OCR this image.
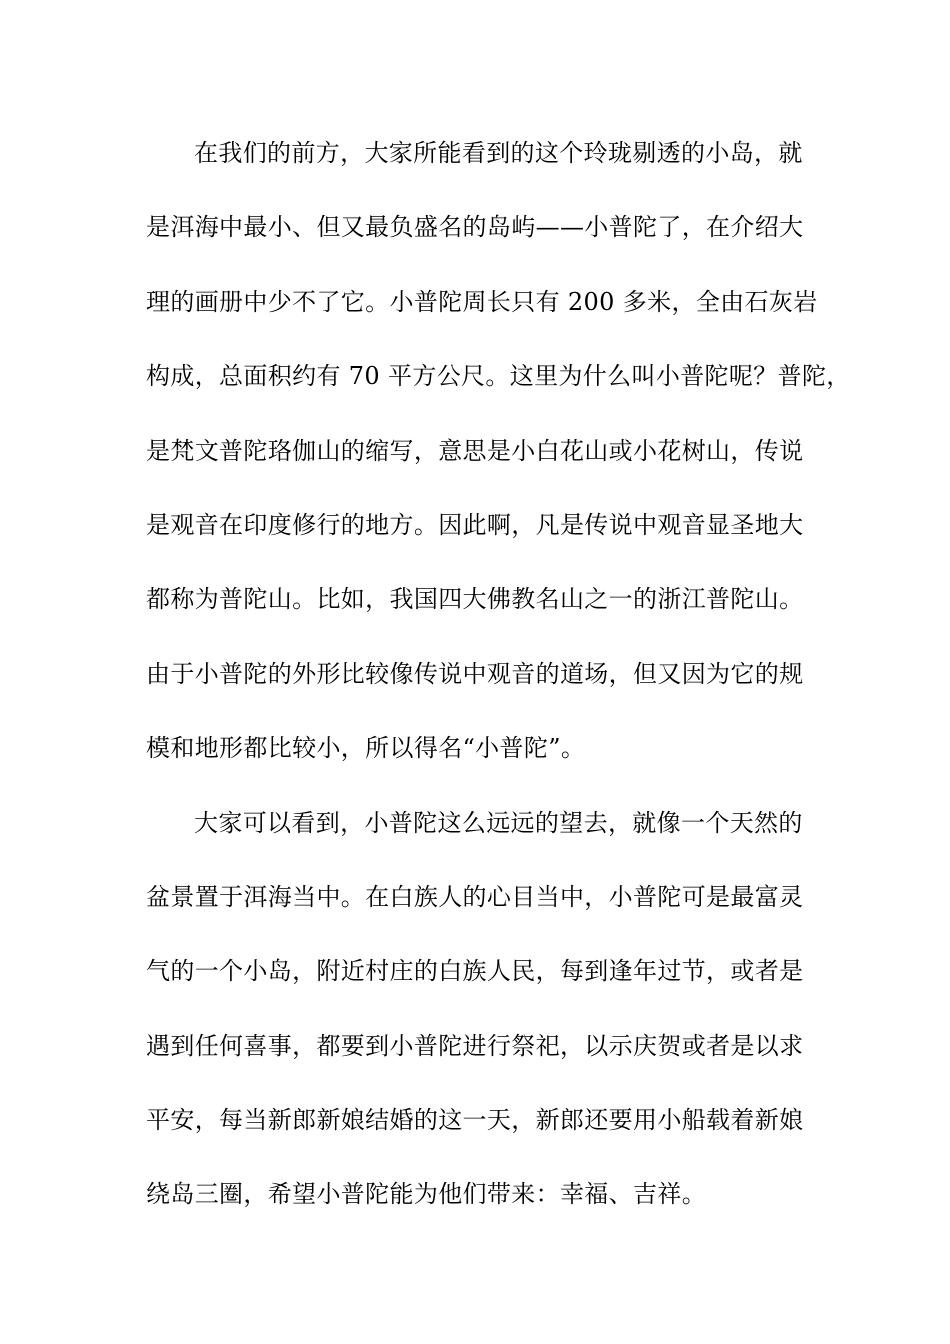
在我们的前方，大家所能看到的这个玲珑剔透的小岛，就
是洱海中最小、但又最负盛名的岛屿——小普陀了，在介绍大
理的画册中少不了它。小普陀周长只有 200 多米，全由石灰岩
构成，总面积约有 70 平方公尺。这里为什么叫小普陀呢？普陀，
是梵文普陀珞伽山的缩写，意思是小白花山或小花树山，传说
是观音在印度修行的地方。因此啊，凡是传说中观音显圣地大
都称为普陀山。比如，我国四大佛教名山之一的浙江普陀山。
由于小普陀的外形比较像传说中观音的道场，但又因为它的规
模和地形都比较小，所以得名“小普陀”。
大家可以看到，小普陀这么远远的望去，就像一个天然的
盆景置于洱海当中。在白族人的心目当中，小普陀可是最富灵
气的一个小岛，附近村庄的白族人民，每到逢年过节，或者是
遇到任何喜事，都要到小普陀进行祭祀，以示庆贺或者是以求
平安，每当新郎新娘结婚的这一天，新郎还要用小船载着新娘
绕岛三圈，希望小普陀能为他们带来：幸福、吉祥。
